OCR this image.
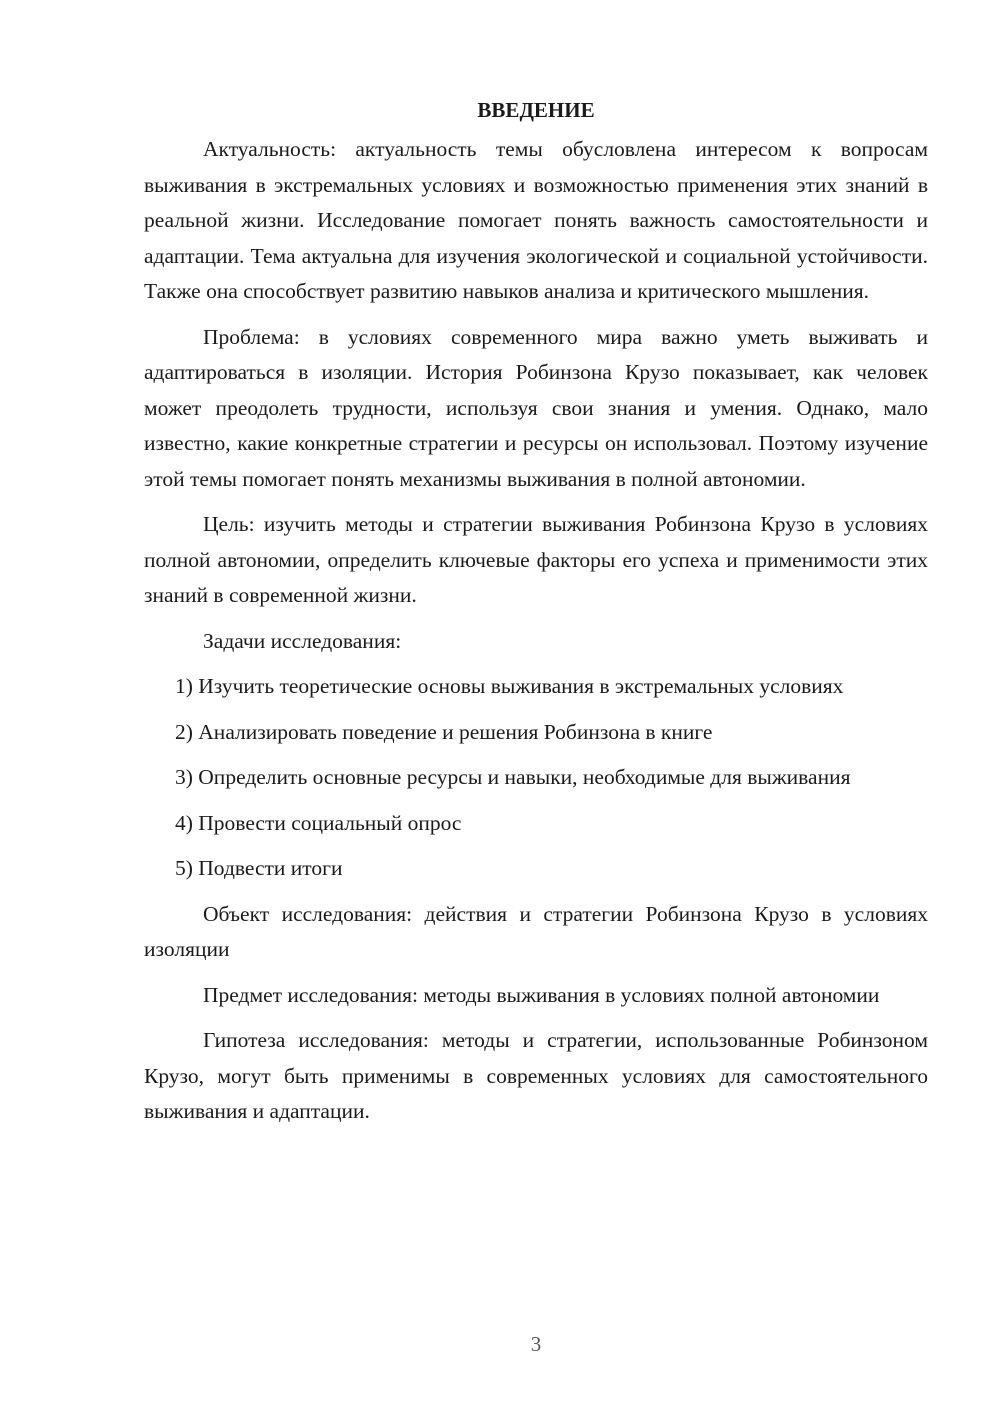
ВВЕДЕНИЕ

Актуальность: актуальность темы обусловлена интересом к вопросам выживания в экстремальных условиях и возможностью применения этих знаний в реальной жизни. Исследование помогает понять важность самостоятельности и адаптации. Тема актуальна для изучения экологической и социальной устойчивости. Также она способствует развитию навыков анализа и критического мышления.

Проблема: в условиях современного мира важно уметь выживать и адаптироваться в изоляции. История Робинзона Крузо показывает, как человек может преодолеть трудности, используя свои знания и умения. Однако, мало известно, какие конкретные стратегии и ресурсы он использовал. Поэтому изучение этой темы помогает понять механизмы выживания в полной автономии.

Цель: изучить методы и стратегии выживания Робинзона Крузо в условиях полной автономии, определить ключевые факторы его успеха и применимости этих знаний в современной жизни.

Задачи исследования:

1) Изучить теоретические основы выживания в экстремальных условиях

2) Анализировать поведение и решения Робинзона в книге

3) Определить основные ресурсы и навыки, необходимые для выживания

4) Провести социальный опрос

5) Подвести итоги

Объект исследования: действия и стратегии Робинзона Крузо в условиях изоляции

Предмет исследования: методы выживания в условиях полной автономии

Гипотеза исследования: методы и стратегии, использованные Робинзоном Крузо, могут быть применимы в современных условиях для самостоятельного выживания и адаптации.

3
